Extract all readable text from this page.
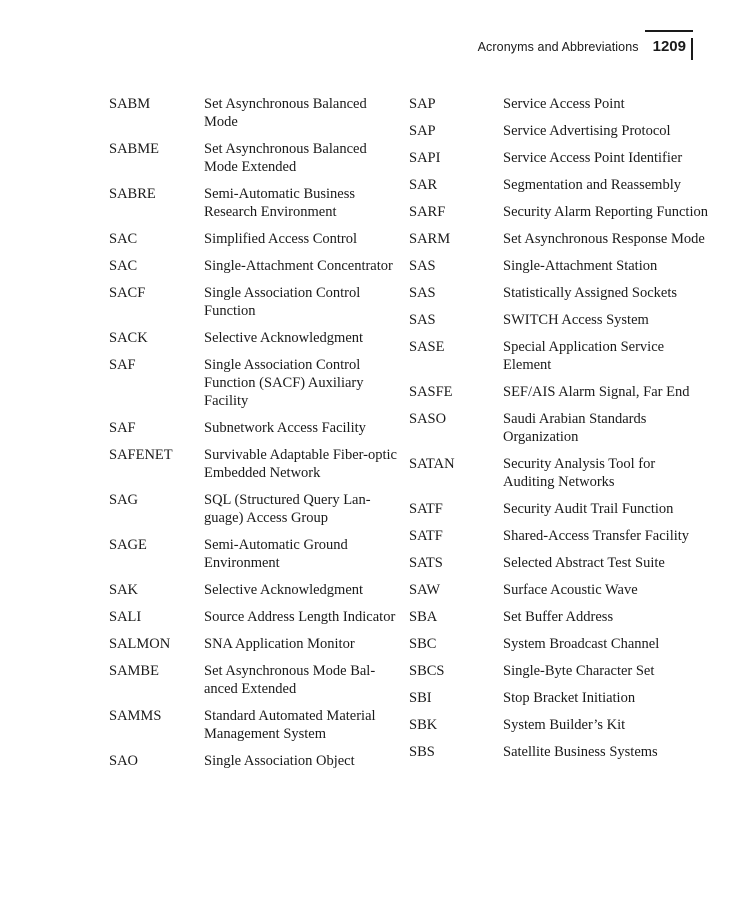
Acronyms and Abbreviations 1209
SABM	Set Asynchronous Balanced Mode
SABME	Set Asynchronous Balanced Mode Extended
SABRE	Semi-Automatic Business Research Environment
SAC	Simplified Access Control
SAC	Single-Attachment Concentrator
SACF	Single Association Control Function
SACK	Selective Acknowledgment
SAF	Single Association Control Function (SACF) Auxiliary Facility
SAF	Subnetwork Access Facility
SAFENET	Survivable Adaptable Fiber-optic Embedded Network
SAG	SQL (Structured Query Lan-guage) Access Group
SAGE	Semi-Automatic Ground Environment
SAK	Selective Acknowledgment
SALI	Source Address Length Indicator
SALMON	SNA Application Monitor
SAMBE	Set Asynchronous Mode Bal-anced Extended
SAMMS	Standard Automated Material Management System
SAO	Single Association Object
SAP	Service Access Point
SAP	Service Advertising Protocol
SAPI	Service Access Point Identifier
SAR	Segmentation and Reassembly
SARF	Security Alarm Reporting Function
SARM	Set Asynchronous Response Mode
SAS	Single-Attachment Station
SAS	Statistically Assigned Sockets
SAS	SWITCH Access System
SASE	Special Application Service Element
SASFE	SEF/AIS Alarm Signal, Far End
SASO	Saudi Arabian Standards Organization
SATAN	Security Analysis Tool for Auditing Networks
SATF	Security Audit Trail Function
SATF	Shared-Access Transfer Facility
SATS	Selected Abstract Test Suite
SAW	Surface Acoustic Wave
SBA	Set Buffer Address
SBC	System Broadcast Channel
SBCS	Single-Byte Character Set
SBI	Stop Bracket Initiation
SBK	System Builder’s Kit
SBS	Satellite Business Systems
